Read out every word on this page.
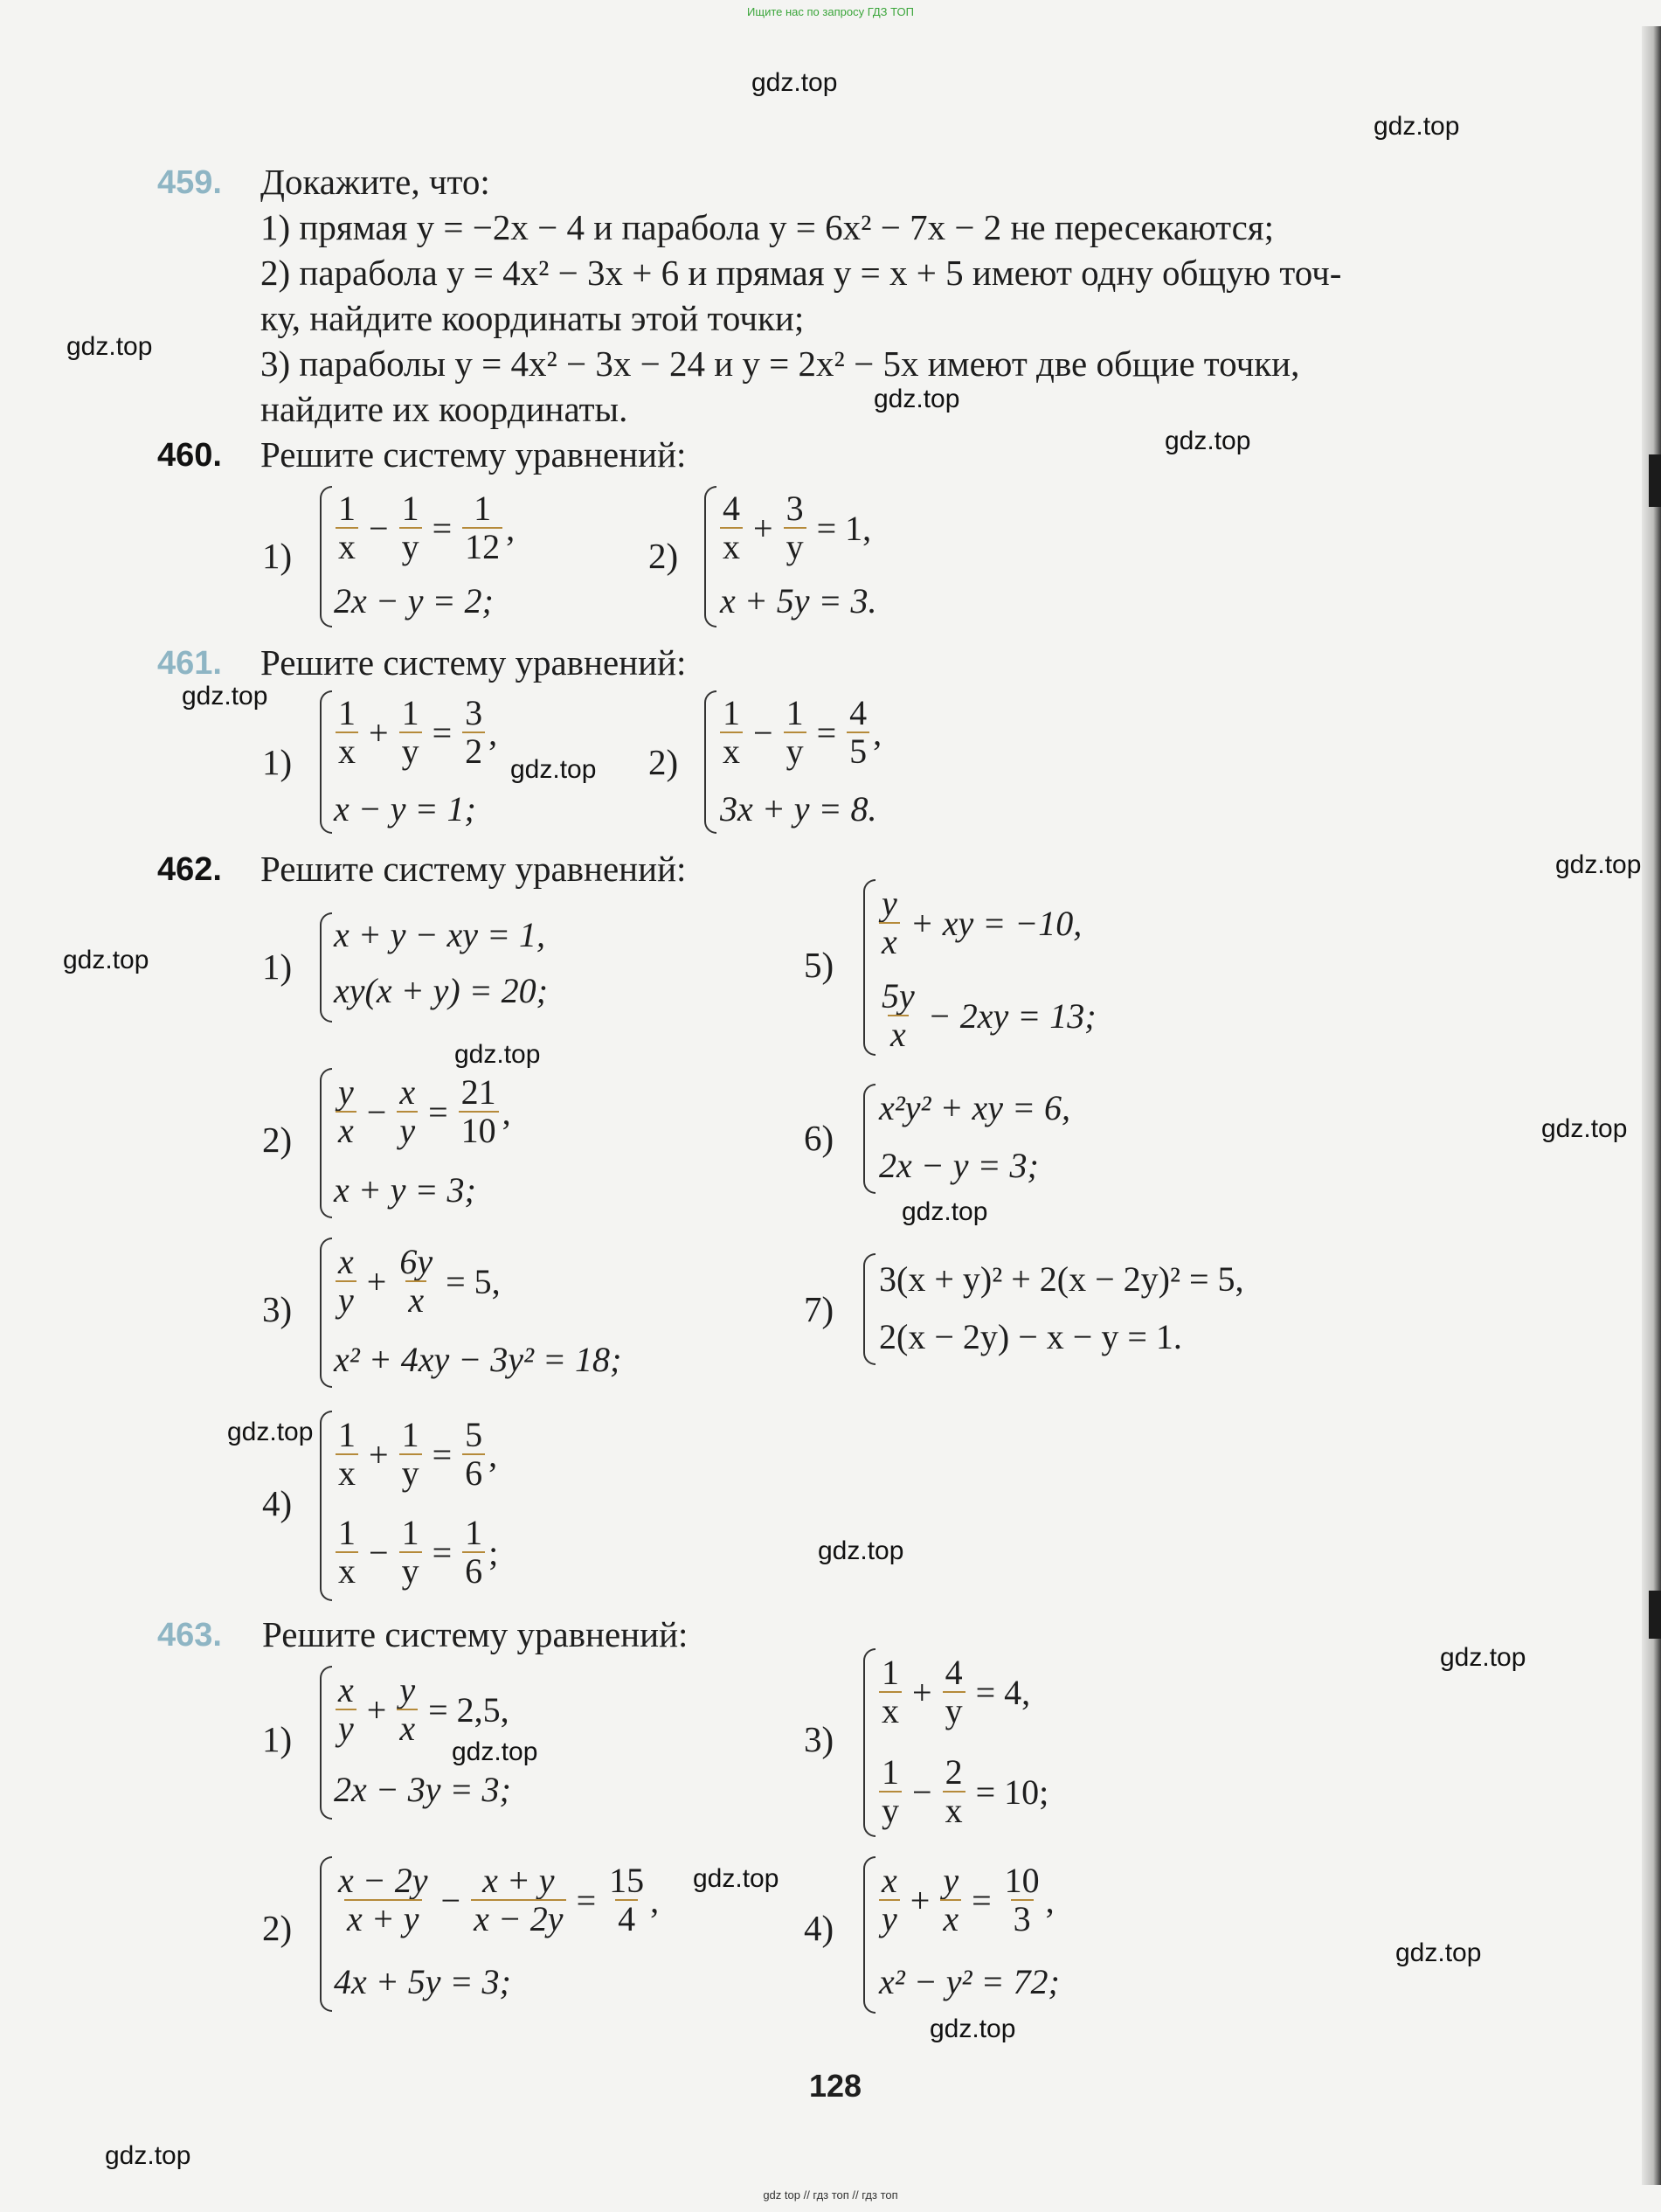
Ищите нас по запросу ГДЗ ТОП
gdz.top
gdz.top
gdz.top
gdz.top
gdz.top
gdz.top
gdz.top
gdz.top
gdz.top
gdz.top
gdz.top
gdz.top
gdz.top
gdz.top
gdz.top
gdz.top
gdz.top
gdz.top
gdz.top
gdz.top
459. Докажите, что:
1) прямая y = −2x − 4 и парабола y = 6x² − 7x − 2 не пересекаются;
2) парабола y = 4x² − 3x + 6 и прямая y = x + 5 имеют одну общую точ-
ку, найдите координаты этой точки;
3) параболы y = 4x² − 3x − 24 и y = 2x² − 5x имеют две общие точки,
найдите их координаты.
460. Решите систему уравнений:
$1) \frac{1}{x} - \frac{1}{y} = \frac{1}{12}$ ,
2x − y = 2;
$2) \frac{4}{x} + \frac{3}{y} = 1$,
x + 5y = 3.
461. Решите систему уравнений:
$1) \frac{1}{x} + \frac{1}{y} = \frac{3}{2}$ ,
x − y = 1;
$2) \frac{1}{x} - \frac{1}{y} = \frac{4}{5}$ ,
3x + y = 8.
462. Решите систему уравнений:
1)
x + y − xy = 1,
xy(x + y) = 20;
$2) \frac{y}{x} - \frac{x}{y} = \frac{21}{10}$ ,
x + y = 3;
$3) \frac{x}{y} + \frac{6y}{x} = 5$,
x² + 4xy − 3y² = 18;
4)
$\frac{1}{x} + \frac{1}{y} = \frac{5}{6}$ ,
$\frac{1}{x} - \frac{1}{y} = \frac{1}{6}$ ;
5)
$\frac{y}{x}$ + xy = −10,
$\frac{5y}{x} - 2xy = 13$;
6)
x²y² + xy = 6,
2x − y = 3;
7)
3(x + y)² + 2(x − 2y)² = 5,
2(x − 2y) − x − y = 1.
463. Решите систему уравнений:
$1) \frac{x}{y} + \frac{y}{x} = 2,5$,
2x − 3y = 3;
$2) \frac{x - 2y}{x + y} - \frac{x + y}{x - 2y} = \frac{15}{4}$ ,
4x + 5y = 3;
3)
$\frac{1}{x} + \frac{4}{y} = 4$,
$\frac{1}{y} - \frac{2}{x} = 10$;
$4) \frac{x}{y} + \frac{y}{x} = \frac{10}{3}$ ,
x² − y² = 72;
128
gdz top // гдз топ // гдз топ
